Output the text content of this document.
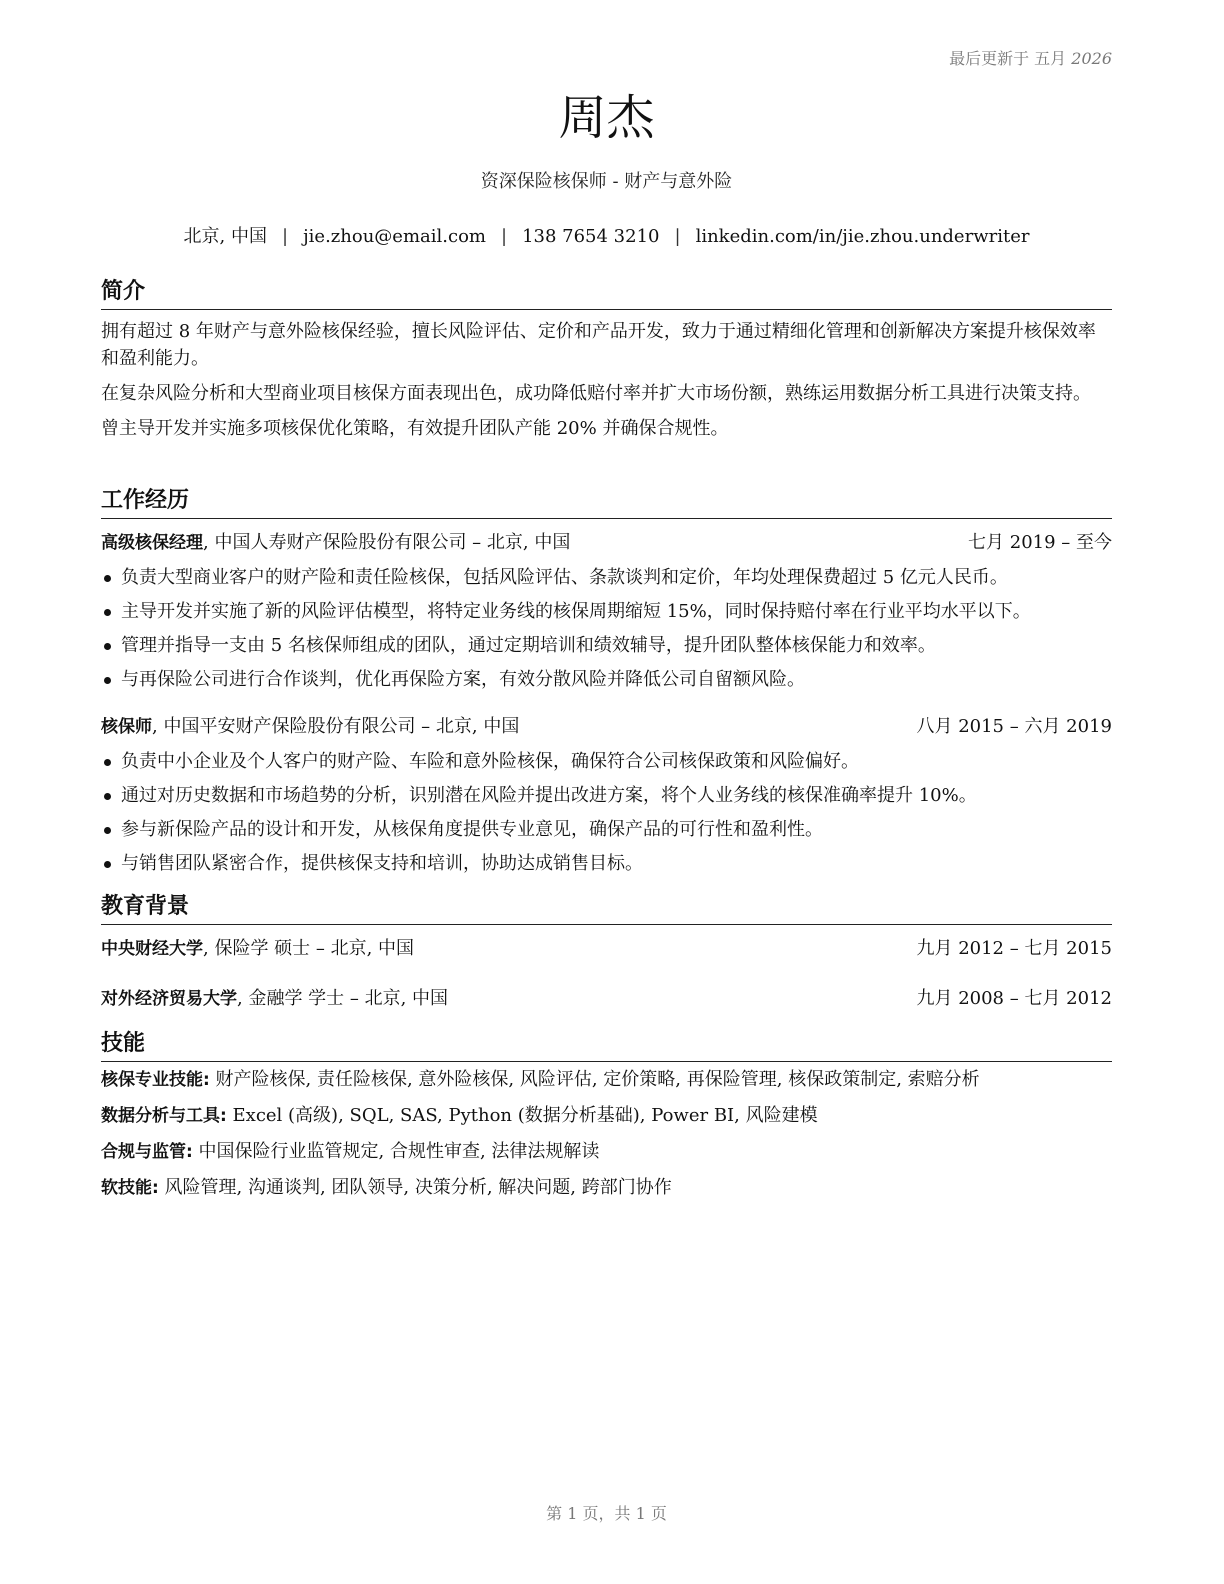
最后更新于 五月 2026
周杰
资深保险核保师 - 财产与意外险
北京, 中国 | jie.zhou@email.com | 138 7654 3210 | linkedin.com/in/jie.zhou.underwriter
简介
拥有超过 8 年财产与意外险核保经验，擅长风险评估、定价和产品开发，致力于通过精细化管理和创新解决方案提升核保效率和盈利能力。
在复杂风险分析和大型商业项目核保方面表现出色，成功降低赔付率并扩大市场份额，熟练运用数据分析工具进行决策支持。
曾主导开发并实施多项核保优化策略，有效提升团队产能 20% 并确保合规性。
工作经历
高级核保经理, 中国人寿财产保险股份有限公司 – 北京, 中国	七月 2019 – 至今
负责大型商业客户的财产险和责任险核保，包括风险评估、条款谈判和定价，年均处理保费超过 5 亿元人民币。
主导开发并实施了新的风险评估模型，将特定业务线的核保周期缩短 15%，同时保持赔付率在行业平均水平以下。
管理并指导一支由 5 名核保师组成的团队，通过定期培训和绩效辅导，提升团队整体核保能力和效率。
与再保险公司进行合作谈判，优化再保险方案，有效分散风险并降低公司自留额风险。
核保师, 中国平安财产保险股份有限公司 – 北京, 中国	八月 2015 – 六月 2019
负责中小企业及个人客户的财产险、车险和意外险核保，确保符合公司核保政策和风险偏好。
通过对历史数据和市场趋势的分析，识别潜在风险并提出改进方案，将个人业务线的核保准确率提升 10%。
参与新保险产品的设计和开发，从核保角度提供专业意见，确保产品的可行性和盈利性。
与销售团队紧密合作，提供核保支持和培训，协助达成销售目标。
教育背景
中央财经大学, 保险学 硕士 – 北京, 中国	九月 2012 – 七月 2015
对外经济贸易大学, 金融学 学士 – 北京, 中国	九月 2008 – 七月 2012
技能
核保专业技能: 财产险核保, 责任险核保, 意外险核保, 风险评估, 定价策略, 再保险管理, 核保政策制定, 索赔分析
数据分析与工具: Excel (高级), SQL, SAS, Python (数据分析基础), Power BI, 风险建模
合规与监管: 中国保险行业监管规定, 合规性审查, 法律法规解读
软技能: 风险管理, 沟通谈判, 团队领导, 决策分析, 解决问题, 跨部门协作
第 1 页，共 1 页
